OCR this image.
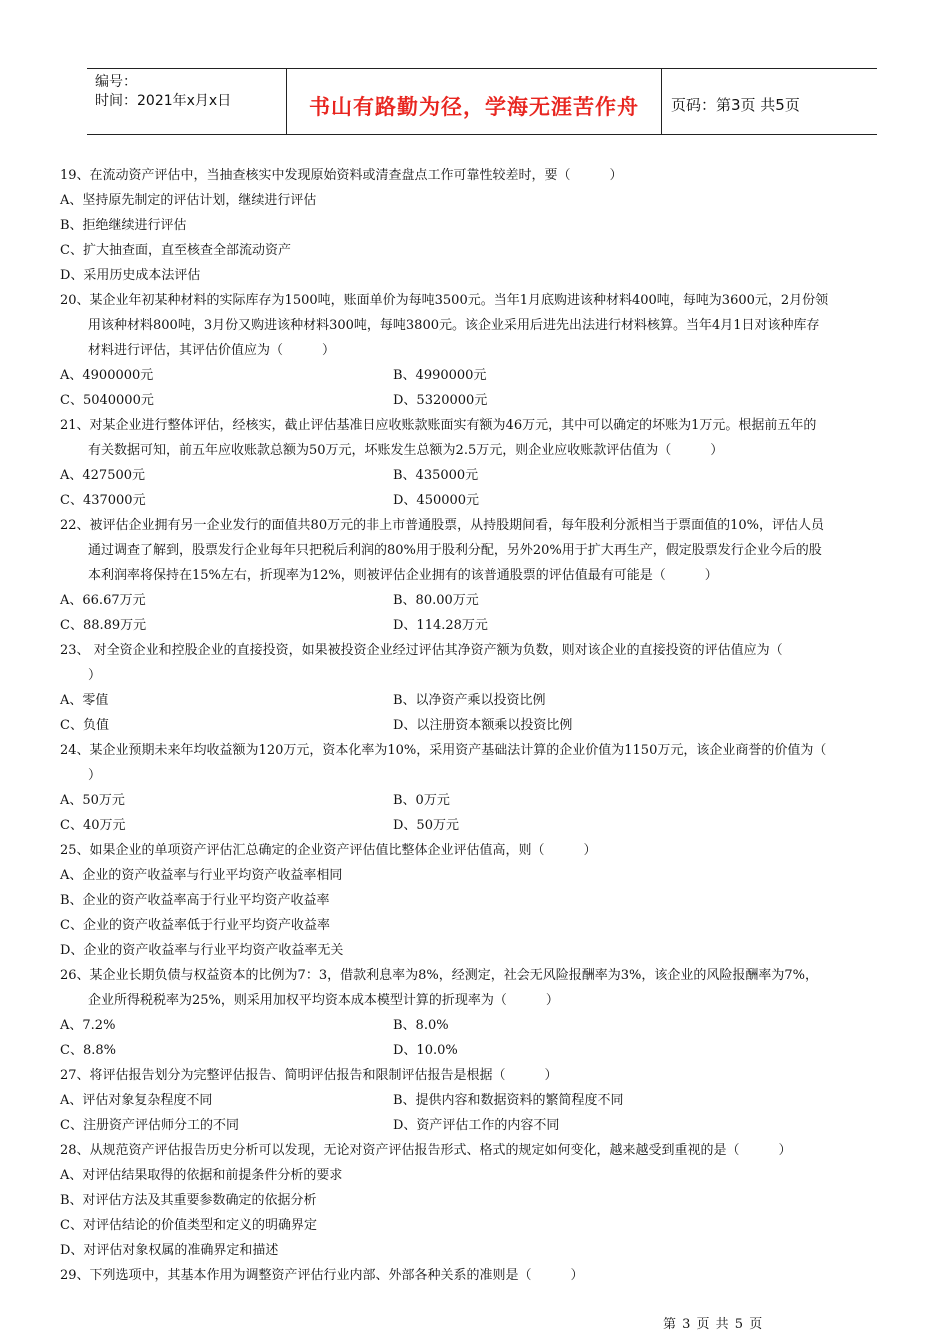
编号：
时间：2021年x月x日	书山有路勤为径，学海无涯苦作舟	页码：第3页 共5页
19、在流动资产评估中，当抽查核实中发现原始资料或清查盘点工作可靠性较差时，要（　　　）
A、坚持原先制定的评估计划，继续进行评估
B、拒绝继续进行评估
C、扩大抽查面，直至核查全部流动资产
D、采用历史成本法评估
20、某企业年初某种材料的实际库存为1500吨，账面单价为每吨3500元。当年1月底购进该种材料400吨，每吨为3600元，2月份领
用该种材料800吨，3月份又购进该种材料300吨，每吨3800元。该企业采用后进先出法进行材料核算。当年4月1日对该种库存
材料进行评估，其评估价值应为（　　　）
A、4900000元	B、4990000元
C、5040000元	D、5320000元
21、对某企业进行整体评估，经核实，截止评估基准日应收账款账面实有额为46万元，其中可以确定的坏账为1万元。根据前五年的
有关数据可知，前五年应收账款总额为50万元，坏账发生总额为2.5万元，则企业应收账款评估值为（　　　）
A、427500元	B、435000元
C、437000元	D、450000元
22、被评估企业拥有另一企业发行的面值共80万元的非上市普通股票，从持股期间看，每年股利分派相当于票面值的10%，评估人员
通过调查了解到，股票发行企业每年只把税后利润的80%用于股利分配，另外20%用于扩大再生产，假定股票发行企业今后的股
本利润率将保持在15%左右，折现率为12%，则被评估企业拥有的该普通股票的评估值最有可能是（　　　）
A、66.67万元	B、80.00万元
C、88.89万元	D、114.28万元
23、 对全资企业和控股企业的直接投资，如果被投资企业经过评估其净资产额为负数，则对该企业的直接投资的评估值应为（
）
A、零值	B、以净资产乘以投资比例
C、负值	D、以注册资本额乘以投资比例
24、某企业预期未来年均收益额为120万元，资本化率为10%，采用资产基础法计算的企业价值为1150万元，该企业商誉的价值为（
）
A、50万元	B、0万元
C、40万元	D、50万元
25、如果企业的单项资产评估汇总确定的企业资产评估值比整体企业评估值高，则（　　　）
A、企业的资产收益率与行业平均资产收益率相同
B、企业的资产收益率高于行业平均资产收益率
C、企业的资产收益率低于行业平均资产收益率
D、企业的资产收益率与行业平均资产收益率无关
26、某企业长期负债与权益资本的比例为7：3，借款利息率为8%，经测定，社会无风险报酬率为3%，该企业的风险报酬率为7%，
企业所得税税率为25%，则采用加权平均资本成本模型计算的折现率为（　　　）
A、7.2%	B、8.0%
C、8.8%	D、10.0%
27、将评估报告划分为完整评估报告、简明评估报告和限制评估报告是根据（　　　）
A、评估对象复杂程度不同	B、提供内容和数据资料的繁简程度不同
C、注册资产评估师分工的不同	D、资产评估工作的内容不同
28、从规范资产评估报告历史分析可以发现，无论对资产评估报告形式、格式的规定如何变化，越来越受到重视的是（　　　）
A、对评估结果取得的依据和前提条件分析的要求
B、对评估方法及其重要参数确定的依据分析
C、对评估结论的价值类型和定义的明确界定
D、对评估对象权属的准确界定和描述
29、下列选项中，其基本作用为调整资产评估行业内部、外部各种关系的准则是（　　　）
第 3 页 共 5 页
